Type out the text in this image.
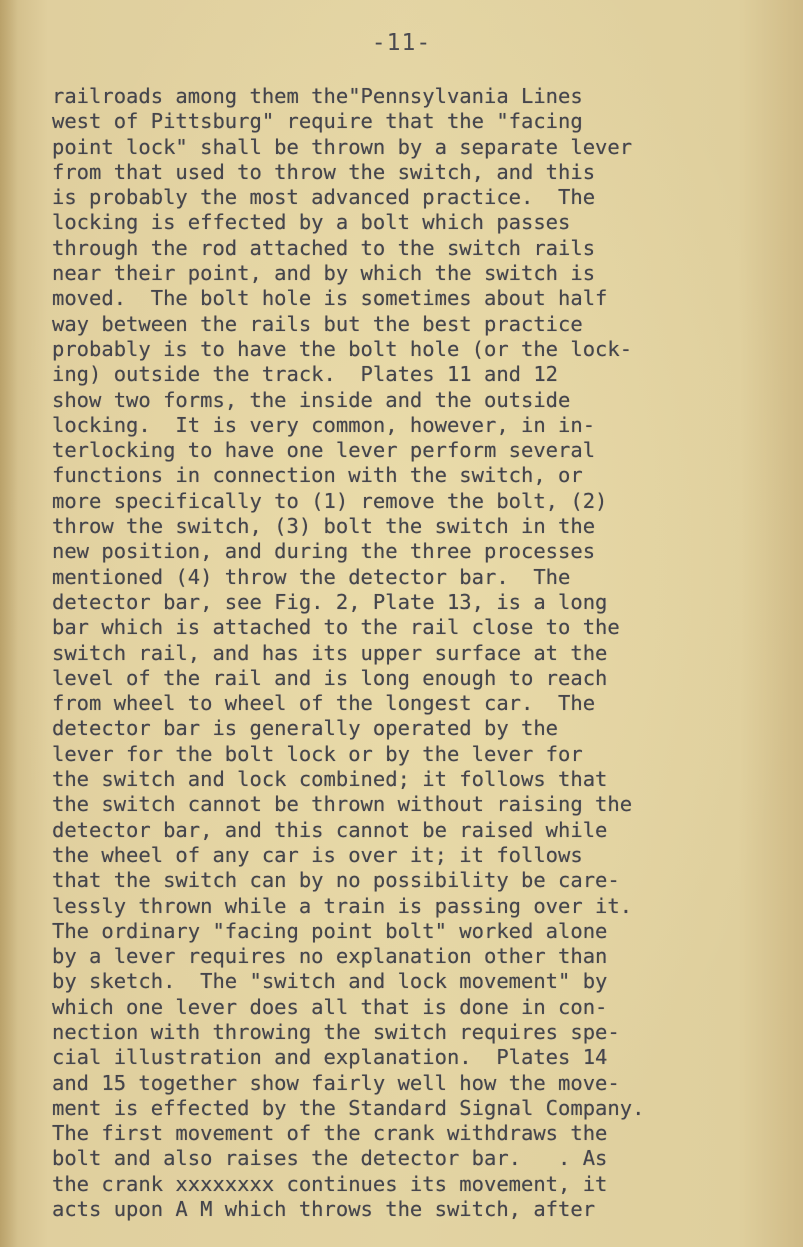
-11-
railroads among them the"Pennsylvania Lines
west of Pittsburg" require that the "facing
point lock" shall be thrown by a separate lever
from that used to throw the switch, and this
is probably the most advanced practice.  The
locking is effected by a bolt which passes
through the rod attached to the switch rails
near their point, and by which the switch is
moved.  The bolt hole is sometimes about half
way between the rails but the best practice
probably is to have the bolt hole (or the lock-
ing) outside the track.  Plates 11 and 12
show two forms, the inside and the outside
locking.  It is very common, however, in in-
terlocking to have one lever perform several
functions in connection with the switch, or
more specifically to (1) remove the bolt, (2)
throw the switch, (3) bolt the switch in the
new position, and during the three processes
mentioned (4) throw the detector bar.  The
detector bar, see Fig. 2, Plate 13, is a long
bar which is attached to the rail close to the
switch rail, and has its upper surface at the
level of the rail and is long enough to reach
from wheel to wheel of the longest car.  The
detector bar is generally operated by the
lever for the bolt lock or by the lever for
the switch and lock combined; it follows that
the switch cannot be thrown without raising the
detector bar, and this cannot be raised while
the wheel of any car is over it; it follows
that the switch can by no possibility be care-
lessly thrown while a train is passing over it.
The ordinary "facing point bolt" worked alone
by a lever requires no explanation other than
by sketch.  The "switch and lock movement" by
which one lever does all that is done in con-
nection with throwing the switch requires spe-
cial illustration and explanation.  Plates 14
and 15 together show fairly well how the move-
ment is effected by the Standard Signal Company.
The first movement of the crank withdraws the
bolt and also raises the detector bar.   . As
the crank xxxxxxxx continues its movement, it
acts upon A M which throws the switch, after
